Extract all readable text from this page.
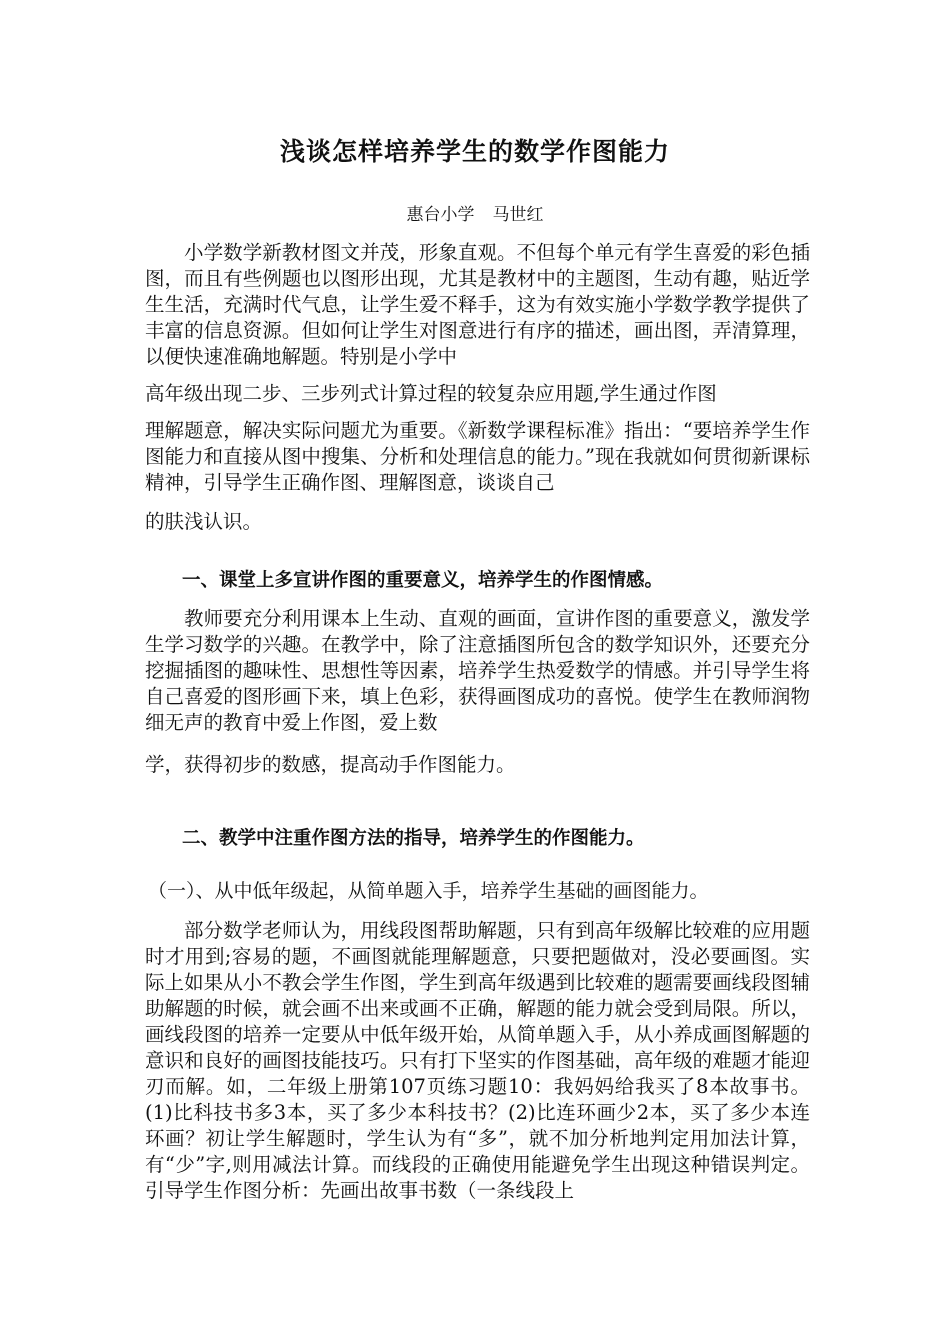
浅谈怎样培养学生的数学作图能力

惠台小学 马世红

小学数学新教材图文并茂，形象直观。不但每个单元有学生喜爱的彩色插图，而且有些例题也以图形出现，尤其是教材中的主题图，生动有趣，贴近学生生活，充满时代气息，让学生爱不释手，这为有效实施小学数学教学提供了丰富的信息资源。但如何让学生对图意进行有序的描述，画出图，弄清算理，以便快速准确地解题。特别是小学中

高年级出现二步、三步列式计算过程的较复杂应用题,学生通过作图

理解题意，解决实际问题尤为重要。《新数学课程标准》指出：“要培养学生作图能力和直接从图中搜集、分析和处理信息的能力。”现在我就如何贯彻新课标精神，引导学生正确作图、理解图意，谈谈自己

的肤浅认识。

一、课堂上多宣讲作图的重要意义，培养学生的作图情感。

教师要充分利用课本上生动、直观的画面，宣讲作图的重要意义，激发学生学习数学的兴趣。在教学中，除了注意插图所包含的数学知识外，还要充分挖掘插图的趣味性、思想性等因素，培养学生热爱数学的情感。并引导学生将自己喜爱的图形画下来，填上色彩，获得画图成功的喜悦。使学生在教师润物细无声的教育中爱上作图，爱上数

学，获得初步的数感，提高动手作图能力。

二、教学中注重作图方法的指导，培养学生的作图能力。

（一）、从中低年级起，从简单题入手，培养学生基础的画图能力。

部分数学老师认为，用线段图帮助解题，只有到高年级解比较难的应用题时才用到;容易的题，不画图就能理解题意，只要把题做对，没必要画图。实际上如果从小不教会学生作图，学生到高年级遇到比较难的题需要画线段图辅助解题的时候，就会画不出来或画不正确，解题的能力就会受到局限。所以，画线段图的培养一定要从中低年级开始，从简单题入手，从小养成画图解题的意识和良好的画图技能技巧。只有打下坚实的作图基础，高年级的难题才能迎刃而解。如，二年级上册第107页练习题10：我妈妈给我买了8本故事书。(1)比科技书多3本，买了多少本科技书？(2)比连环画少2本，买了多少本连环画？初让学生解题时，学生认为有“多”，就不加分析地判定用加法计算，有“少”字,则用减法计算。而线段的正确使用能避免学生出现这种错误判定。引导学生作图分析：先画出故事书数（一条线段上
